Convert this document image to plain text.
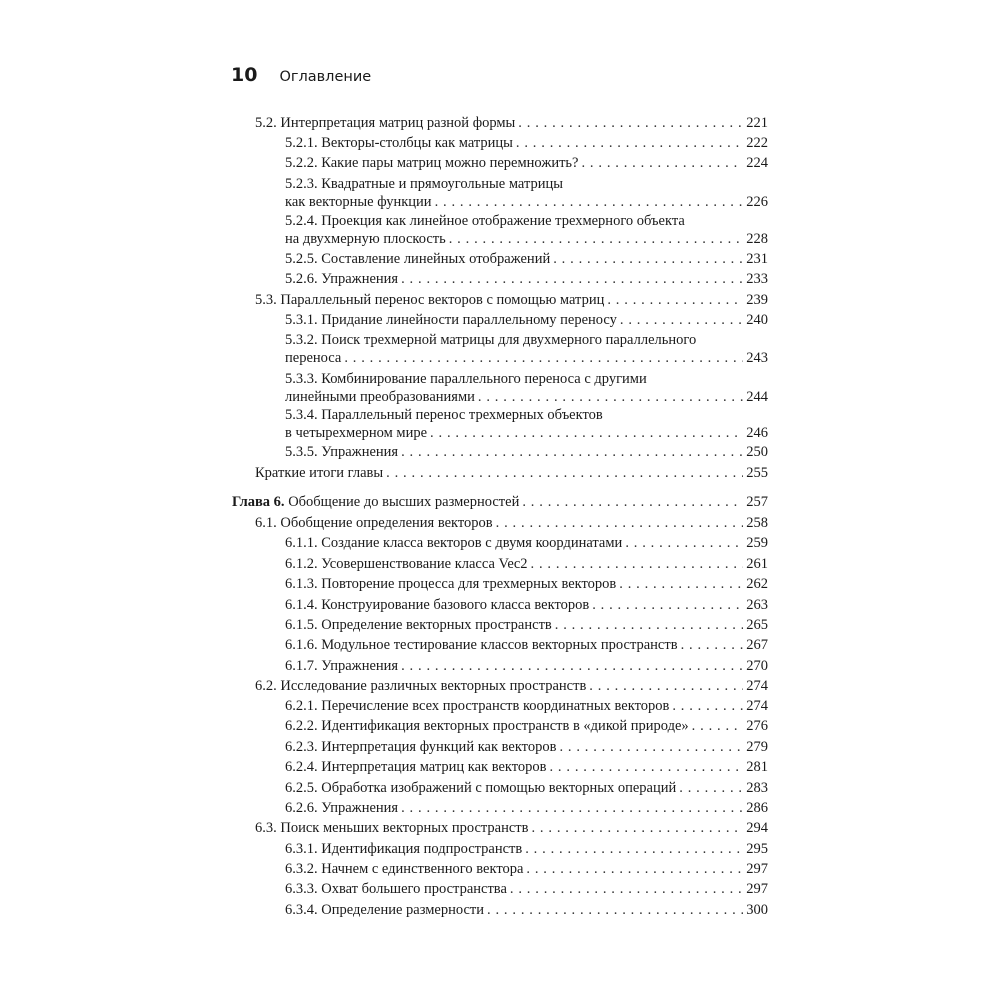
10 Оглавление
5.2. Интерпретация матриц разной формы . . .	221
5.2.1. Векторы-столбцы как матрицы . . .	222
5.2.2. Какие пары матриц можно перемножить? . . .	224
5.2.3. Квадратные и прямоугольные матрицы
как векторные функции . . .	226
5.2.4. Проекция как линейное отображение трехмерного объекта
на двухмерную плоскость . . .	228
5.2.5. Составление линейных отображений . . .	231
5.2.6. Упражнения . . .	233
5.3. Параллельный перенос векторов с помощью матриц . . .	239
5.3.1. Придание линейности параллельному переносу . . .	240
5.3.2. Поиск трехмерной матрицы для двухмерного параллельного
переноса . . .	243
5.3.3. Комбинирование параллельного переноса с другими
линейными преобразованиями . . .	244
5.3.4. Параллельный перенос трехмерных объектов
в четырехмерном мире . . .	246
5.3.5. Упражнения . . .	250
Краткие итоги главы . . .	255
Глава 6.
Обобщение до высших размерностей . . .	257
6.1. Обобщение определения векторов . . .	258
6.1.1. Создание класса векторов с двумя координатами . . .	259
6.1.2. Усовершенствование класса Vec2 . . .	261
6.1.3. Повторение процесса для трехмерных векторов . . .	262
6.1.4. Конструирование базового класса векторов . . .	263
6.1.5. Определение векторных пространств . . .	265
6.1.6. Модульное тестирование классов векторных пространств . . .	267
6.1.7. Упражнения . . .	270
6.2. Исследование различных векторных пространств . . .	274
6.2.1. Перечисление всех пространств координатных векторов . . .	274
6.2.2. Идентификация векторных пространств в «дикой природе» . . .	276
6.2.3. Интерпретация функций как векторов . . .	279
6.2.4. Интерпретация матриц как векторов . . .	281
6.2.5. Обработка изображений с помощью векторных операций . . .	283
6.2.6. Упражнения . . .	286
6.3. Поиск меньших векторных пространств . . .	294
6.3.1. Идентификация подпространств . . .	295
6.3.2. Начнем с единственного вектора . . .	297
6.3.3. Охват большего пространства . . .	297
6.3.4. Определение размерности . . .	300
